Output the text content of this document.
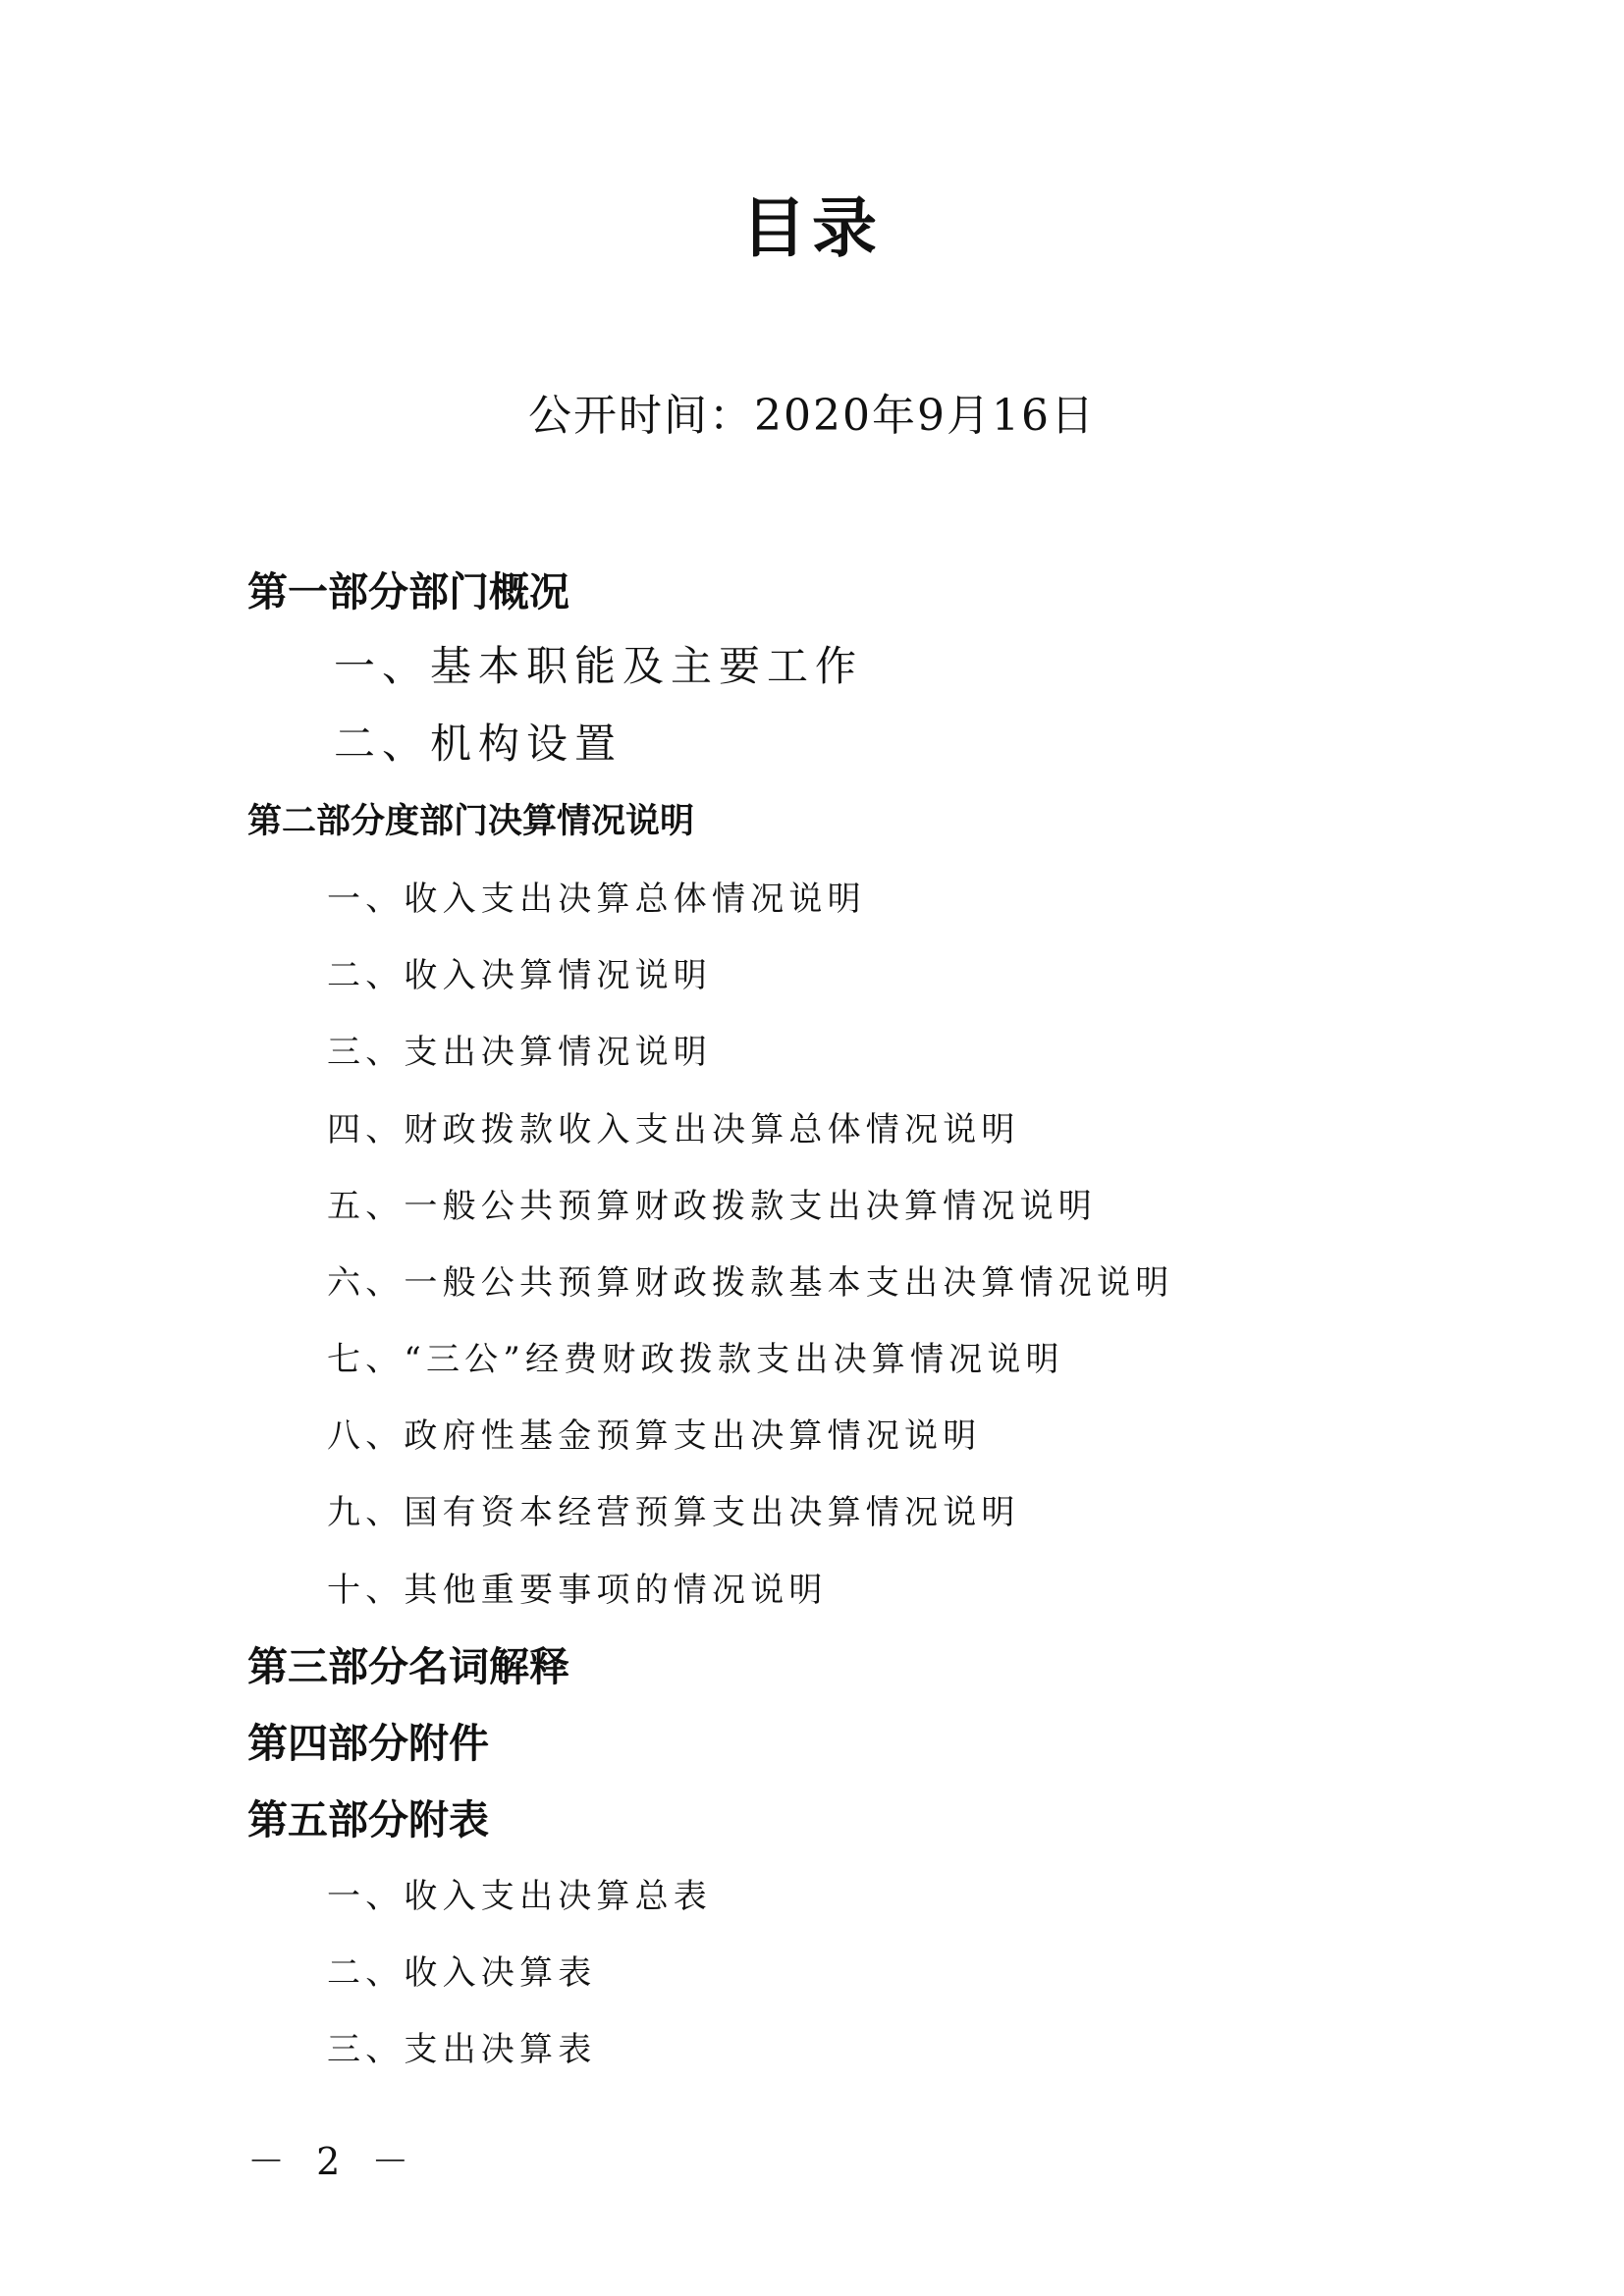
目录
公开时间：2020年9月16日
第一部分部门概况
一、基本职能及主要工作
二、机构设置
第二部分度部门决算情况说明
一、收入支出决算总体情况说明
二、收入决算情况说明
三、支出决算情况说明
四、财政拨款收入支出决算总体情况说明
五、一般公共预算财政拨款支出决算情况说明
六、一般公共预算财政拨款基本支出决算情况说明
七、“三公”经费财政拨款支出决算情况说明
八、政府性基金预算支出决算情况说明
九、国有资本经营预算支出决算情况说明
十、其他重要事项的情况说明
第三部分名词解释
第四部分附件
第五部分附表
一、收入支出决算总表
二、收入决算表
三、支出决算表
－ 2 －
